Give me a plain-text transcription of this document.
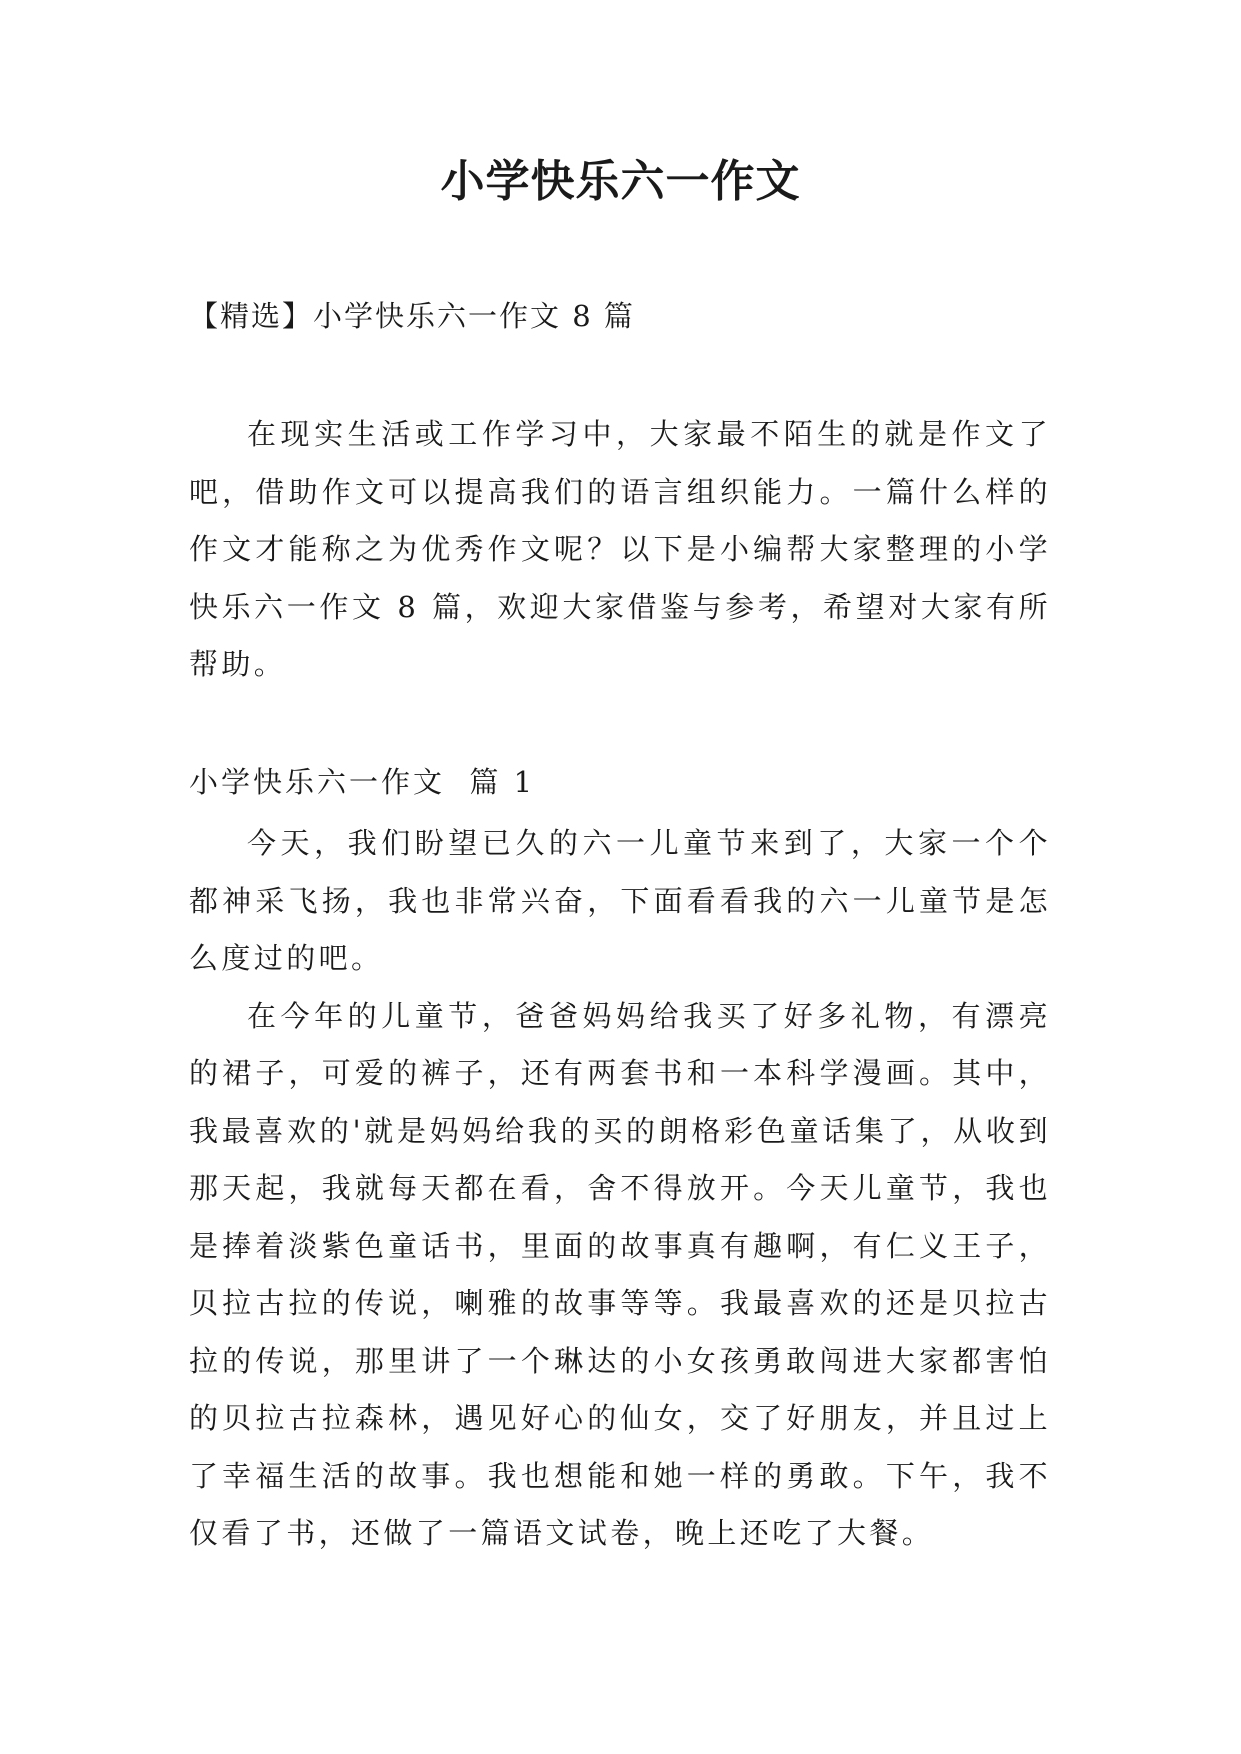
小学快乐六一作文
【精选】小学快乐六一作文 8 篇

在现实生活或工作学习中，大家最不陌生的就是作文了吧，借助作文可以提高我们的语言组织能力。一篇什么样的作文才能称之为优秀作文呢？以下是小编帮大家整理的小学快乐六一作文 8 篇，欢迎大家借鉴与参考，希望对大家有所帮助。

小学快乐六一作文  篇 1

今天，我们盼望已久的六一儿童节来到了，大家一个个都神采飞扬，我也非常兴奋，下面看看我的六一儿童节是怎么度过的吧。

在今年的儿童节，爸爸妈妈给我买了好多礼物，有漂亮的裙子，可爱的裤子，还有两套书和一本科学漫画。其中，我最喜欢的'就是妈妈给我的买的朗格彩色童话集了，从收到那天起，我就每天都在看，舍不得放开。今天儿童节，我也是捧着淡紫色童话书，里面的故事真有趣啊，有仁义王子，贝拉古拉的传说，喇雅的故事等等。我最喜欢的还是贝拉古拉的传说，那里讲了一个琳达的小女孩勇敢闯进大家都害怕的贝拉古拉森林，遇见好心的仙女，交了好朋友，并且过上了幸福生活的故事。我也想能和她一样的勇敢。下午，我不仅看了书，还做了一篇语文试卷，晚上还吃了大餐。
